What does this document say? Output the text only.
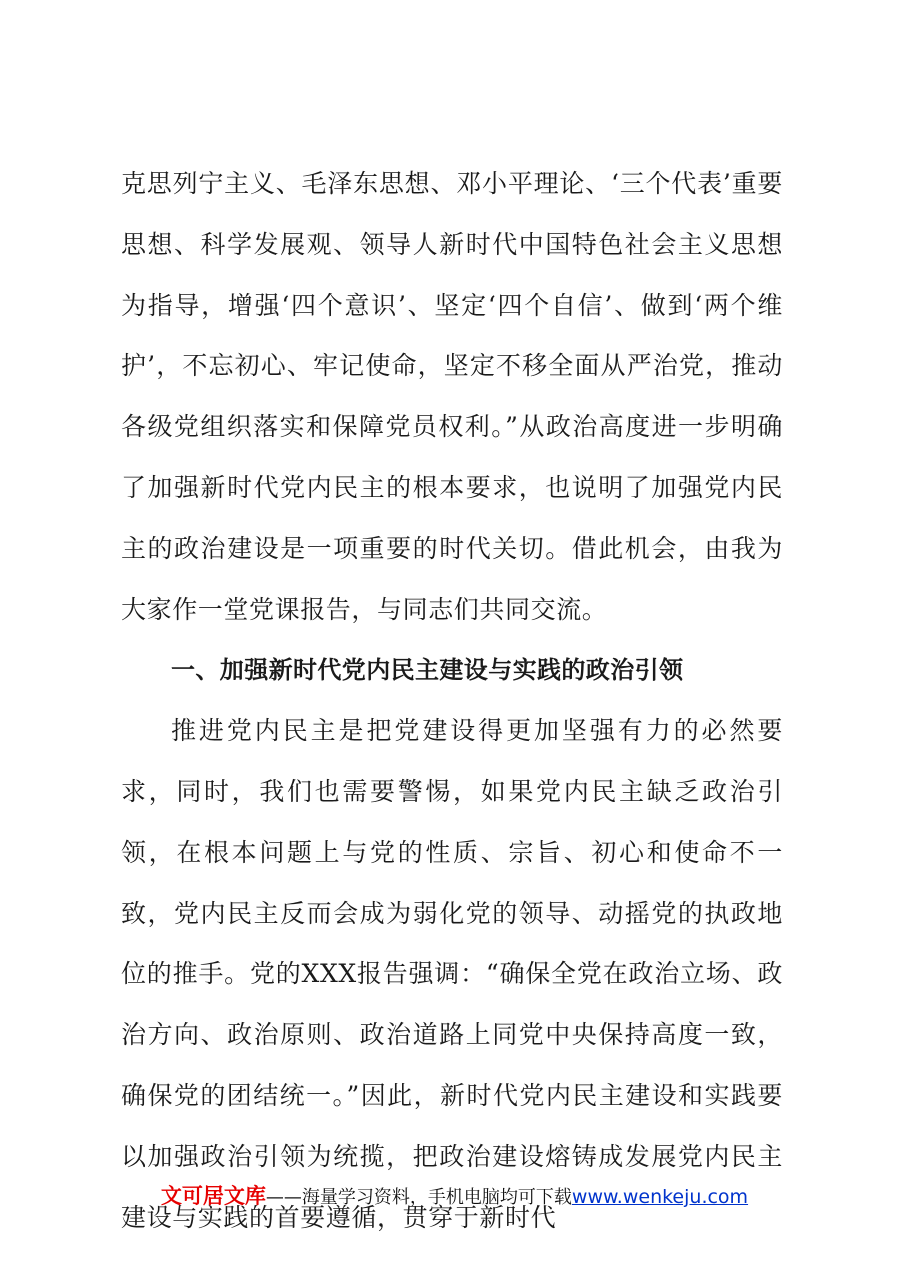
克思列宁主义、毛泽东思想、邓小平理论、‘三个代表’重要思想、科学发展观、领导人新时代中国特色社会主义思想为指导，增强‘四个意识’、坚定‘四个自信’、做到‘两个维护’，不忘初心、牢记使命，坚定不移全面从严治党，推动各级党组织落实和保障党员权利。”从政治高度进一步明确了加强新时代党内民主的根本要求，也说明了加强党内民主的政治建设是一项重要的时代关切。借此机会，由我为大家作一堂党课报告，与同志们共同交流。

一、加强新时代党内民主建设与实践的政治引领

推进党内民主是把党建设得更加坚强有力的必然要求，同时，我们也需要警惕，如果党内民主缺乏政治引领，在根本问题上与党的性质、宗旨、初心和使命不一致，党内民主反而会成为弱化党的领导、动摇党的执政地位的推手。党的XXX报告强调：“确保全党在政治立场、政治方向、政治原则、政治道路上同党中央保持高度一致，确保党的团结统一。”因此，新时代党内民主建设和实践要以加强政治引领为统揽，把政治建设熔铸成发展党内民主建设与实践的首要遵循，贯穿于新时代

文可居文库——海量学习资料，手机电脑均可下载www.wenkeju.com
